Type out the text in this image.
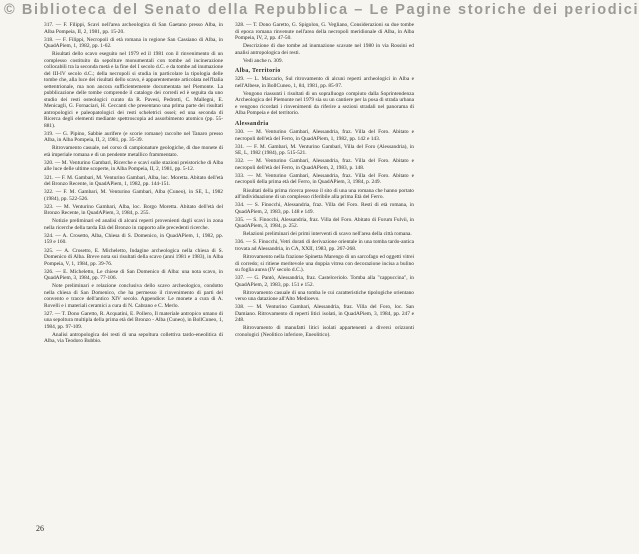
© Biblioteca del Senato della Repubblica – Le Pagine storiche dei periodici

317. — F. Filippi, Scavi nell'area archeologica di San Gaetano presso Alba, in Alba Pompeia, II, 2, 1981, pp. 15-20.

318. — F. Filippi, Necropoli di età romana in regione San Cassiano di Alba, in QuadAPiem, 1, 1982, pp. 1-62.

Risultati dello scavo eseguito nel 1979 ed il 1981 con il rinvenimento di un complesso costituito da sepolture monumentali con tombe ad incinerazione collocabili tra la seconda metà e la fine del I secolo d.C. e da tombe ad inumazione del III-IV secolo d.C.; della necropoli si studia in particolare la tipologia delle tombe che, alla luce dei risultati dello scavo, è apparentemente articolata nell'Italia settentrionale, ma non ancora sufficientemente documentata nel Piemonte. La pubblicazione delle tombe comprende il catalogo dei corredi ed è seguita da uno studio dei resti osteologici curato da R. Pavesi, Pedrotti, C. Mallegni, E. Menicagli, G. Fornaciari, H. Ceccanti che presentano una prima parte dei risultati antropologici e paleopatologici dei resti scheletrici ossei; ed una seconda di Ricerca degli elementi mediante spettroscopia ad assorbimento atomico (pp. 55-881).

319. — G. Pipino, Sabbie aurifere (e scorie romane) raccolte nel Tanaro presso Alba, in Alba Pompeia, II, 2, 1981, pp. 35-39.

Ritrovamento casuale, nel corso di campionature geologiche, di due monete di età imperiale romana e di un pendente metallico frammentato.

320. — M. Venturino Gambari, Ricerche e scavi sulle stazioni preistoriche di Alba alle luce delle ultime scoperte, in Alba Pompeia, II, 2, 1981, pp. 5-12.

321. — F. M. Gambari, M. Venturino Gambari, Alba, loc. Moretta. Abitato dell'età del Bronzo Recente, in QuadAPiem, 1, 1982, pp. 144-151.

322. — F. M. Gambari, M. Venturino Gambari, Alba (Cuneo), in SE, L, 1982 (1984), pp. 522-526.

323. — M. Venturino Gambari, Alba, loc. Borgo Moretta. Abitato dell'età del Bronzo Recente, in QuadAPiem, 3, 1984, p. 255.

Notizie preliminari ed analisi di alcuni reperti provenienti dagli scavi in zona nella ricerche della tarda Età del Bronzo in rapporto alle precedenti ricerche.

324. — A. Crosetto, Alba, Chiesa di S. Domenico, in QuadAPiem, 1, 1982, pp. 159 e 160.

325. — A. Crosetto, E. Micheletto, Indagine archeologica nella chiesa di S. Domenico di Alba. Breve nota sui risultati della scavo (anni 1981 e 1983), in Alba Pompeia, V, 1, 1984, pp. 39-76.

326. — E. Micheletto, Le chiese di San Domenico di Alba: una nota scavo, in QuadAPiem, 3, 1984, pp. 77-106.

Note preliminari e relazione conclusiva dello scavo archeologico, condotto nella chiesa di San Domenico, che ha permesso il rinvenimento di parti del convento e tracce dell'antico XIV secolo. Appendice: Le monete a cura di A. Rovelli e i materiali ceramici a cura di N. Cabrano e C. Merlo.

327. — T. Dono Garetto, R. Acquatini, E. Pollero, Il materiale antropico umano di una sepoltura multipla della prima età del Bronzo - Alba (Cuneo), in BollCuneo, 1, 1984, pp. 97-109.

Analisi antropologica dei resti di una sepoltura collettiva tardo-eneolitica di Alba, via Teodoro Bubbio.

328. — T. Dono Garetto, G. Spigolon, G. Vegliano, Considerazioni su due tombe di epoca romana rinvenute nell'area della necropoli meridionale di Alba, in Alba Pompeia, IV, 2, pp. 47-50.

Descrizione di due tombe ad inumazione scavate nel 1980 in via Rossini ed analisi antropologica dei resti.

Vedi anche n. 309.

Alba, Territorio

329. — L. Maccario, Sul ritrovamento di alcuni reperti archeologici in Alba e nell'Albese, in BollCuneo, 1, 84, 1981, pp. 85-97.

Vengono riassunti i risultati di un sopralluogo compiuto dalla Soprintendenza Archeologica del Piemonte nel 1979 sia su un cantiere per la posa di strada urbana e vengono ricordati i rinvenimenti da riferire a sezioni stradali nel panorama di Alba Pompeia e del territorio.

Alessandria

330. — M. Venturino Gambari, Alessandria, fraz. Villa del Foro. Abitato e necropoli dell'età del Ferro, in QuadAPiem, 1, 1982, pp. 142 e 143.

331. — F. M. Gambari, M. Venturino Gambari, Villa del Foro (Alessandria), in SE, L, 1982 (1984), pp. 515-521.

332. — M. Venturino Gambari, Alessandria, fraz. Villa del Foro. Abitato e necropoli dell'età del Ferro, in QuadAPiem, 2, 1983, p. 148.

333. — M. Venturino Gambari, Alessandria, fraz. Villa del Foro. Abitato e necropoli della prima età del Ferro, in QuadAPiem, 3, 1984, p. 249.

Risultati della prima ricerca presso il sito di una una romana che hanno portato all'individuazione di un complesso riferibile alla prima Età del Ferro.

334. — S. Finocchi, Alessandria, fraz. Villa del Foro. Resti di età romana, in QuadAPiem, 2, 1983, pp. 148 e 149.

335. — S. Finocchi, Alessandria, fraz. Villa del Foro. Abitato di Forum Fulvii, in QuadAPiem, 3, 1984, p. 252.

Relazioni preliminari dei primi interventi di scavo nell'area della città romana.

336. — S. Finocchi, Vetri dorati di derivazione orientale in una tomba tardo-antica trovata ad Alessandria, in CA, XXII, 1983, pp. 267-268.

Ritrovamento nella frazione Spinetta Marengo di un sarcofago ed oggetti vitrei di corredo; si ritiene meritevole una doppia vitrea con decorazione incisa a bulino su foglia aurea (IV secolo d.C.).

337. — G. Pantò, Alessandria, fraz. Castelceriolo. Tomba alla "cappuccina", in QuadAPiem, 2, 1983, pp. 151 e 152.

Ritrovamento casuale di una tomba le cui caratteristiche tipologiche orientano verso una datazione all'Alto Medioevo.

338. — M. Venturino Gambari, Alessandria, fraz. Villa del Foro, loc. San Damiano. Ritrovamento di reperti litici isolati, in QuadAPiem, 3, 1984, pp. 247 e 248.

Ritrovamento di manufatti litici isolati appartenenti a diversi orizzonti cronologici (Neolitico inferiore, Eneolitico).

26
